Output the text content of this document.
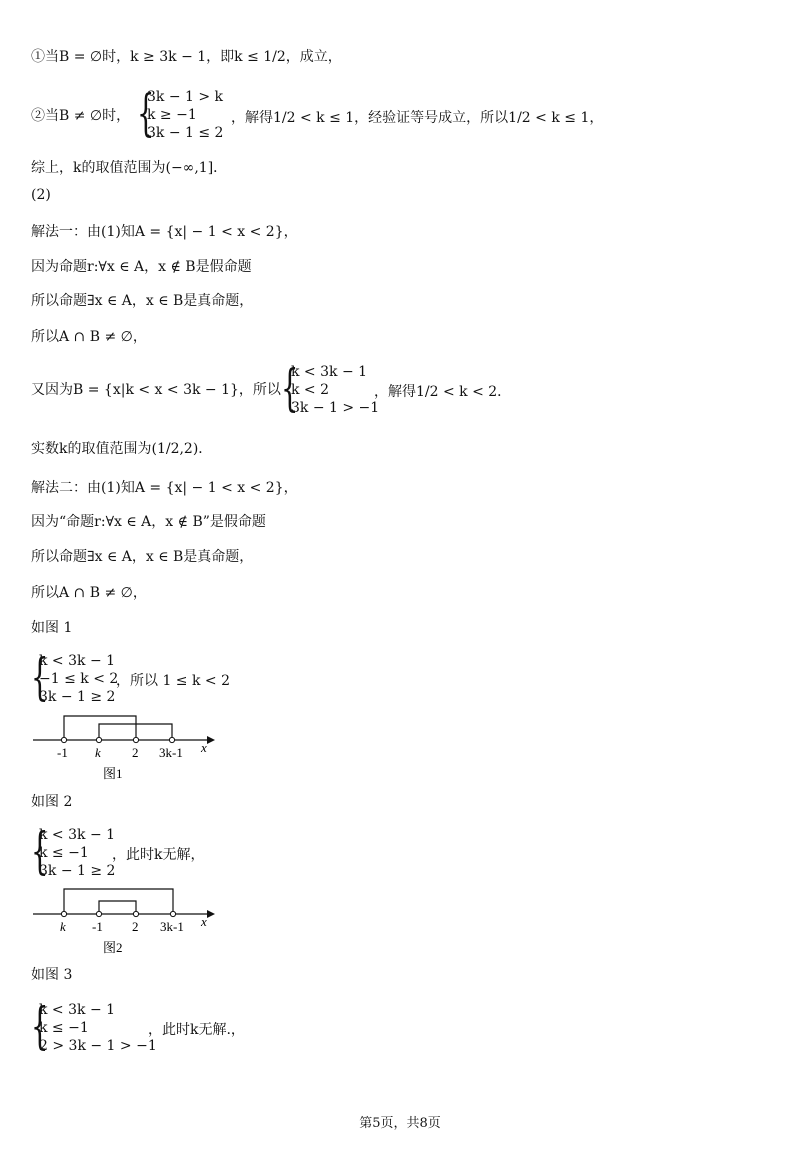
①当B = ∅时，k ≥ 3k − 1，即k ≤ 1/2，成立，
②当B ≠ ∅时， {
3k − 1 > k
k ≥ −1
3k − 1 ≤ 2
，解得1/2 < k ≤ 1，经验证等号成立，所以1/2 < k ≤ 1，
综上，k的取值范围为(−∞,1]．
(2)
解法一：由(1)知A = {x| − 1 < x < 2}，
因为命题r:∀x ∈ A，x ∉ B是假命题
所以命题∃x ∈ A，x ∈ B是真命题，
所以A ∩ B ≠ ∅，
又因为B = {x|k < x < 3k − 1}，所以 {
k < 3k − 1
k < 2
3k − 1 > −1
，解得1/2 < k < 2．
实数k的取值范围为(1/2,2)．
解法二：由(1)知A = {x| − 1 < x < 2}，
因为“命题r:∀x ∈ A，x ∉ B”是假命题
所以命题∃x ∈ A，x ∈ B是真命题，
所以A ∩ B ≠ ∅，
如图 1
{
k < 3k − 1
−1 ≤ k < 2
3k − 1 ≥ 2
，所以 1 ≤ k < 2
-1 k 2 3k-1 x
图1
如图 2
{
k < 3k − 1
k ≤ −1
3k − 1 ≥ 2
，此时k无解，
k -1 2 3k-1 x
图2
如图 3
{
k < 3k − 1
k ≤ −1
2 > 3k − 1 > −1
，此时k无解.，
第5页，共8页
